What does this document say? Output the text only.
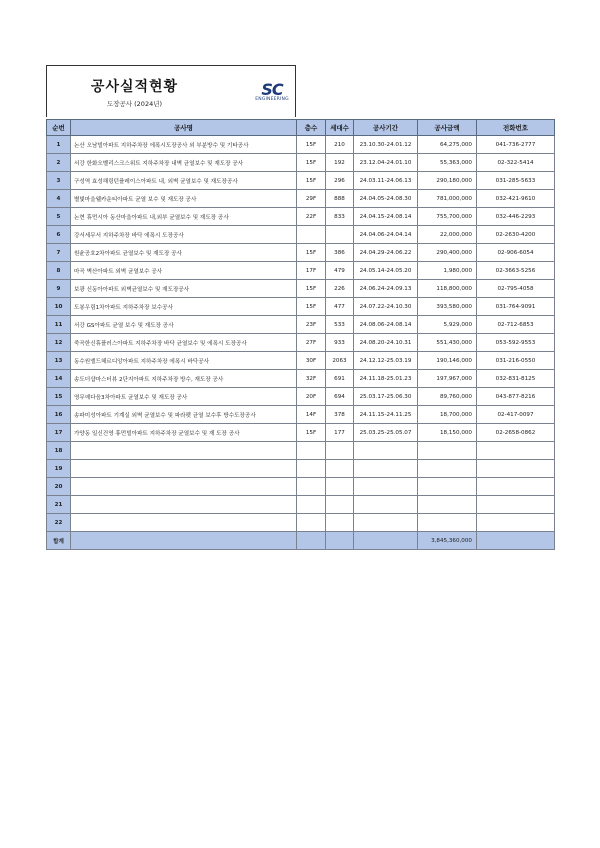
공사실적현황
도장공사 (2024년)
SC
ENGINEERING
순번	공사명	층수	세대수	공사기간	공사금액	전화번호
1	논산 오남빌아파트 지하주차장 에폭시도장공사 외 부분방수 및 기타공사	15F	210	23.10.30-24.01.12	64,275,000	041-736-2777
2	서강 한화오벨리스크스위트 지하주차장 내벽 균열보수 및 재도장 공사	15F	192	23.12.04-24.01.10	55,363,000	02-322-5414
3	구성역 효성해링턴플레이스아파트 내, 외벽 균열보수 및 재도장공사	15F	296	24.03.11-24.06.13	290,180,000	031-285-5633
4	별빛마을웰카운티아파트 균열 보수 및 재도장 공사	29F	888	24.04.05-24.08.30	781,000,000	032-421-9610
5	논현 휴먼시아 동산마을아파트 내,외부 균열보수 및 재도장 공사	22F	833	24.04.15-24.08.14	755,700,000	032-446-2293
6	강서세무서 지하주차장 바닥 에폭시 도장공사			24.04.06-24.04.14	22,000,000	02-2630-4200
7	원윤공호2차아파트 균열보수 및 재도장 공사	15F	386	24.04.29-24.06.22	290,400,000	02-906-6054
8	마곡 벽산아파트 외벽 균열보수 공사	17F	479	24.05.14-24.05.20	1,980,000	02-3663-5256
9	보광 신동아아파트 외벽균열보수 및 재도장공사	15F	226	24.06.24-24.09.13	118,800,000	02-795-4058
10	도봉우림1차아파트 지하주차장 보수공사	15F	477	24.07.22-24.10.30	393,580,000	031-764-9091
11	서강 GS아파트 균열 보수 및 재도장 공사	23F	533	24.08.06-24.08.14	5,929,000	02-712-6853
12	죽곡한신휴플러스아파트 지하주차장 바닥 균열보수 및 에폭시 도장공사	27F	933	24.08.20-24.10.31	551,430,000	053-592-9553
13	동수원엘드헤르디앙아파트 지하주차장 에폭시 바닥공사	30F	2063	24.12.12-25.03.19	190,146,000	031-216-0550
14	송도더샵마스터뷰 2단지아파트 지하주차장 방수, 재도장 공사	32F	691	24.11.18-25.01.23	197,967,000	032-831-8125
15	영무예다음3차아파트 균열보수 및 재도장 공사	20F	694	25.03.17-25.06.30	89,760,000	043-877-8216
16	송파미성아파트 기계실 외벽 균열보수 및 파라펫 균열 보수후 방수도장공사	14F	378	24.11.15-24.11.25	18,700,000	02-417-0097
17	가양동 일신건영 휴먼빌아파트 지하주차장 균열보수 및 재 도장 공사	15F	177	25.03.25-25.05.07	18,150,000	02-2658-0862
18						
19						
20						
21						
22						
합계					3,845,360,000	
